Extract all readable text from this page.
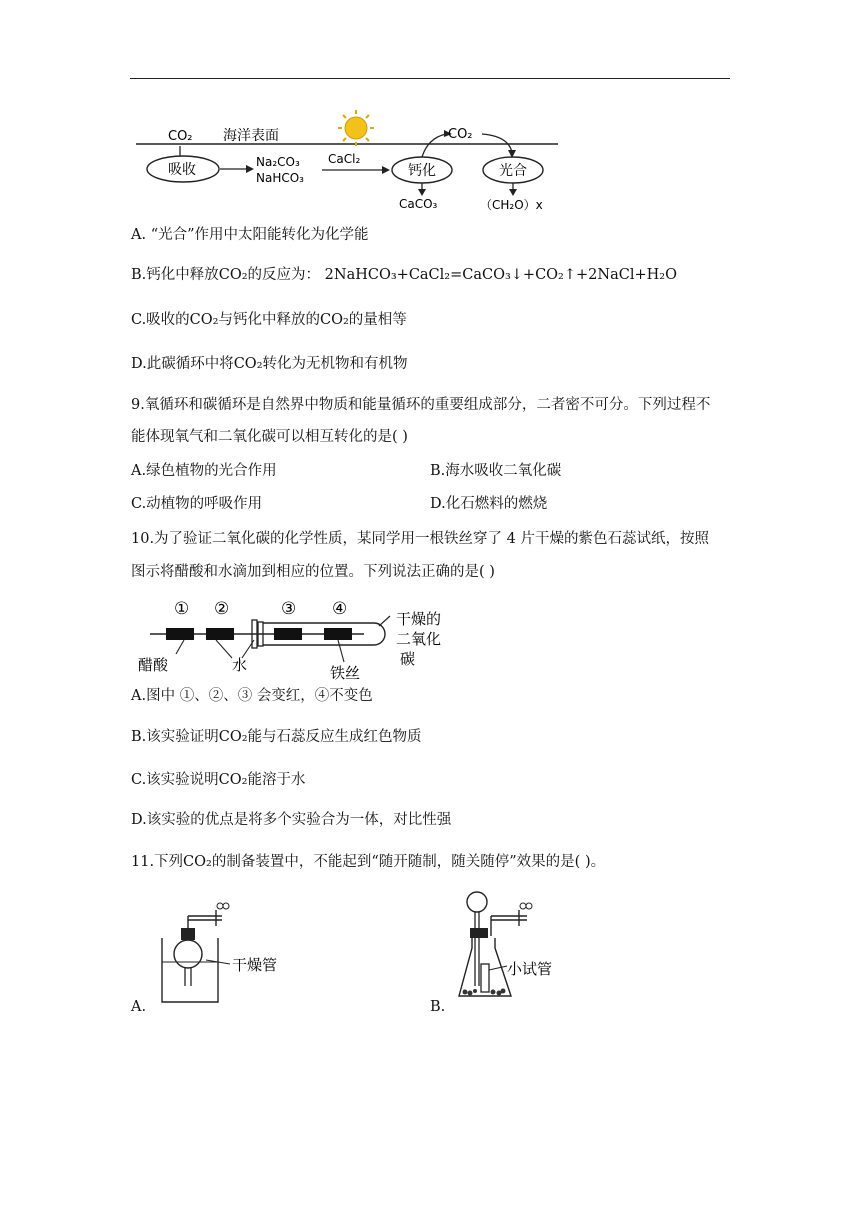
CO₂ 海洋表面
吸收	Na₂CO₃
NaHCO₃
CaCl₂
钙化
CO₂
光合
CaCO₃	（CH₂O）x
A. “光合”作用中太阳能转化为化学能
B.钙化中释放CO₂的反应为： 2NaHCO₃+CaCl₂=CaCO₃↓+CO₂↑+2NaCl+H₂O
C.吸收的CO₂与钙化中释放的CO₂的量相等
D.此碳循环中将CO₂转化为无机物和有机物
9.氧循环和碳循环是自然界中物质和能量循环的重要组成部分，二者密不可分。下列过程不
能体现氧气和二氧化碳可以相互转化的是( )
A.绿色植物的光合作用	B.海水吸收二氧化碳
C.动植物的呼吸作用	D.化石燃料的燃烧
10.为了验证二氧化碳的化学性质，某同学用一根铁丝穿了 4 片干燥的紫色石蕊试纸，按照
图示将醋酸和水滴加到相应的位置。下列说法正确的是( )
① ②	③ ④
醋酸	水	铁丝
干燥的
二氧化
碳
A.图中 ①、②、③ 会变红，④不变色
B.该实验证明CO₂能与石蕊反应生成红色物质
C.该实验说明CO₂能溶于水
D.该实验的优点是将多个实验合为一体，对比性强
11.下列CO₂的制备装置中，不能起到“随开随制，随关随停”效果的是( )。
干燥管
A.
小试管
B.
